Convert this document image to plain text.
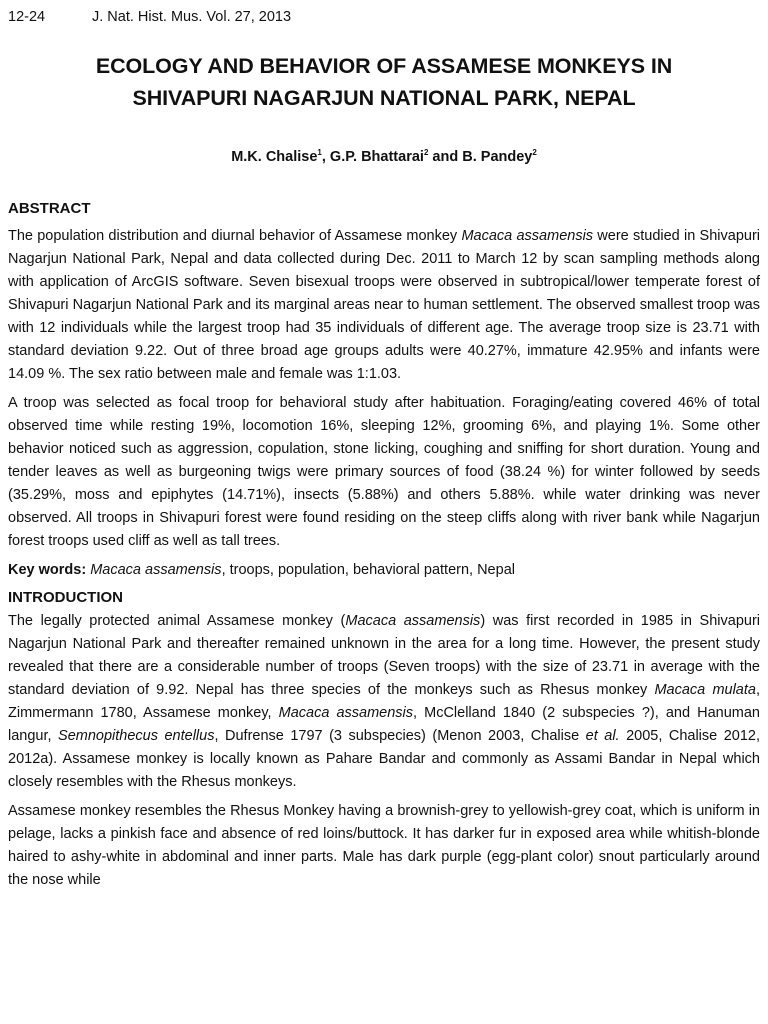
12-24	J. Nat. Hist. Mus. Vol. 27, 2013
ECOLOGY AND BEHAVIOR OF ASSAMESE MONKEYS IN
SHIVAPURI NAGARJUN NATIONAL PARK, NEPAL
M.K. Chalise$^1$, G.P. Bhattarai$^2$ and B. Pandey$^2$
ABSTRACT

The population distribution and diurnal behavior of Assamese monkey Macaca assamensis were studied in Shivapuri Nagarjun National Park, Nepal and data collected during Dec. 2011 to March 12 by scan sampling methods along with application of ArcGIS software. Seven bisexual troops were observed in subtropical/lower temperate forest of Shivapuri Nagarjun National Park and its marginal areas near to human settlement. The observed smallest troop was with 12 individuals while the largest troop had 35 individuals of different age. The average troop size is 23.71 with standard deviation 9.22. Out of three broad age groups adults were 40.27%, immature 42.95% and infants were 14.09 %. The sex ratio between male and female was 1:1.03.

A troop was selected as focal troop for behavioral study after habituation. Foraging/eating covered 46% of total observed time while resting 19%, locomotion 16%, sleeping 12%, grooming 6%, and playing 1%. Some other behavior noticed such as aggression, copulation, stone licking, coughing and sniffing for short duration. Young and tender leaves as well as burgeoning twigs were primary sources of food (38.24 %) for winter followed by seeds (35.29%, moss and epiphytes (14.71%), insects (5.88%) and others 5.88%. while water drinking was never observed. All troops in Shivapuri forest were found residing on the steep cliffs along with river bank while Nagarjun forest troops used cliff as well as tall trees.

Key words: Macaca assamensis, troops, population, behavioral pattern, Nepal

INTRODUCTION

The legally protected animal Assamese monkey (Macaca assamensis) was first recorded in 1985 in Shivapuri Nagarjun National Park and thereafter remained unknown in the area for a long time. However, the present study revealed that there are a considerable number of troops (Seven troops) with the size of 23.71 in average with the standard deviation of 9.92. Nepal has three species of the monkeys such as Rhesus monkey Macaca mulata, Zimmermann 1780, Assamese monkey, Macaca assamensis, McClelland 1840 (2 subspecies ?), and Hanuman langur, Semnopithecus entellus, Dufrense 1797 (3 subspecies) (Menon 2003, Chalise et al. 2005, Chalise 2012, 2012a). Assamese monkey is locally known as Pahare Bandar and commonly as Assami Bandar in Nepal which closely resembles with the Rhesus monkeys.

Assamese monkey resembles the Rhesus Monkey having a brownish-grey to yellowish-grey coat, which is uniform in pelage, lacks a pinkish face and absence of red loins/buttock. It has darker fur in exposed area while whitish-blonde haired to ashy-white in abdominal and inner parts. Male has dark purple (egg-plant color) snout particularly around the nose while
